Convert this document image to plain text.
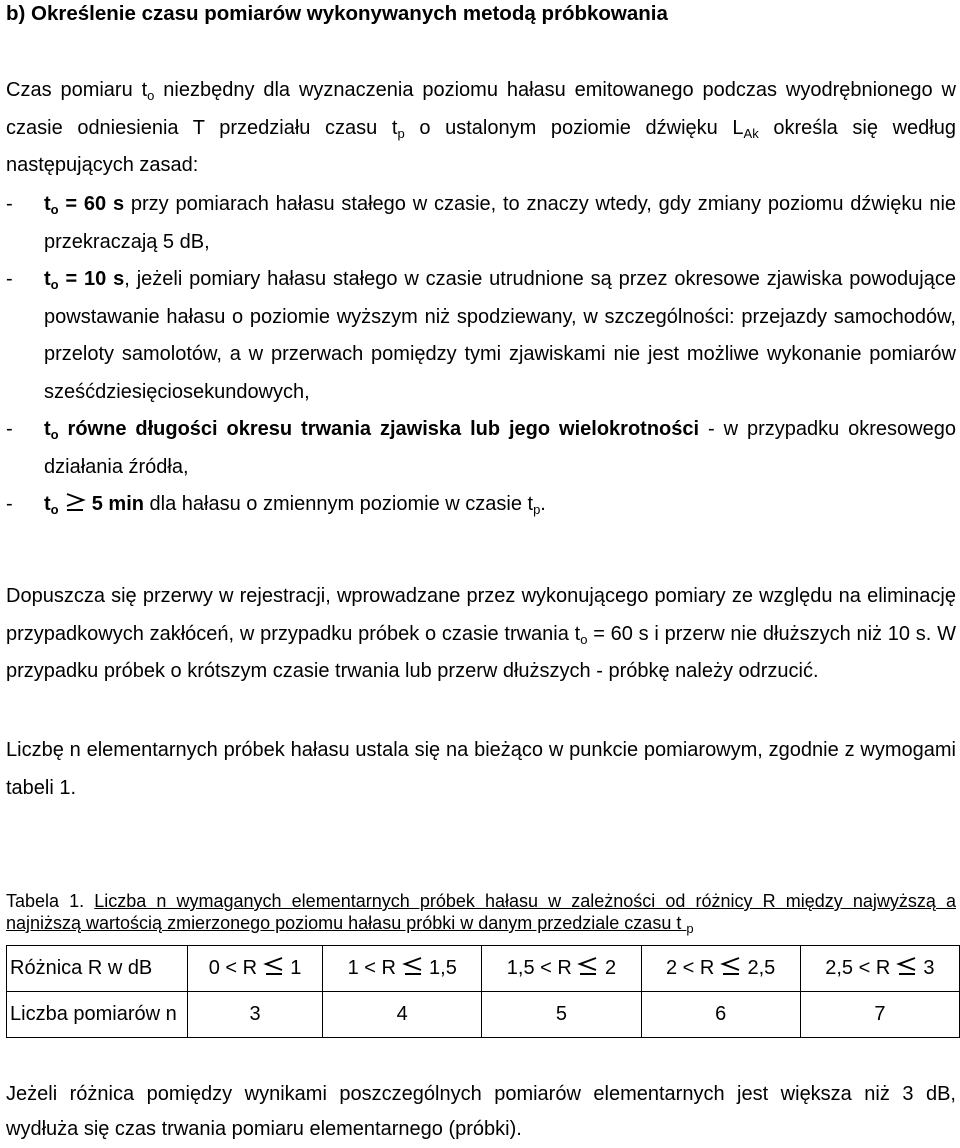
b) Określenie czasu pomiarów wykonywanych metodą próbkowania
Czas pomiaru $t_o$ niezbędny dla wyznaczenia poziomu hałasu emitowanego podczas wyodrębnionego w czasie odniesienia T przedziału czasu $t_p$ o ustalonym poziomie dźwięku $L_{Ak}$ określa się według następujących zasad:
- $t_o = 60$ s przy pomiarach hałasu stałego w czasie, to znaczy wtedy, gdy zmiany poziomu dźwięku nie przekraczają 5 dB,
- $t_o = 10$ s, jeżeli pomiary hałasu stałego w czasie utrudnione są przez okresowe zjawiska powodujące powstawanie hałasu o poziomie wyższym niż spodziewany, w szczególności: przejazdy samochodów, przeloty samolotów, a w przerwach pomiędzy tymi zjawiskami nie jest możliwe wykonanie pomiarów sześćdziesięciosekundowych,
- $t_o$ równe długości okresu trwania zjawiska lub jego wielokrotności - w przypadku okresowego działania źródła,
- $t_o$ 5 min dla hałasu o zmiennym poziomie w czasie $t_p$.
Dopuszcza się przerwy w rejestracji, wprowadzane przez wykonującego pomiary ze względu na eliminację przypadkowych zakłóceń, w przypadku próbek o czasie trwania $t_o = 60$ s i przerw nie dłuższych niż 10 s. W przypadku próbek o krótszym czasie trwania lub przerw dłuższych - próbkę należy odrzucić.
Liczbę n elementarnych próbek hałasu ustala się na bieżąco w punkcie pomiarowym, zgodnie z wymogami tabeli 1.
Tabela 1. Liczba n wymaganych elementarnych próbek hałasu w zależności od różnicy R między najwyższą a najniższą wartością zmierzonego poziomu hałasu próbki w danym przedziale czasu t $_p$
Różnica R w dB	0 < R  1	1 < R  1,5	1,5 < R  2	2 < R  2,5	2,5 < R  3
Liczba pomiarów n	3	4	5	6	7
Jeżeli różnica pomiędzy wynikami poszczególnych pomiarów elementarnych jest większa niż 3 dB, wydłuża się czas trwania pomiaru elementarnego (próbki).
